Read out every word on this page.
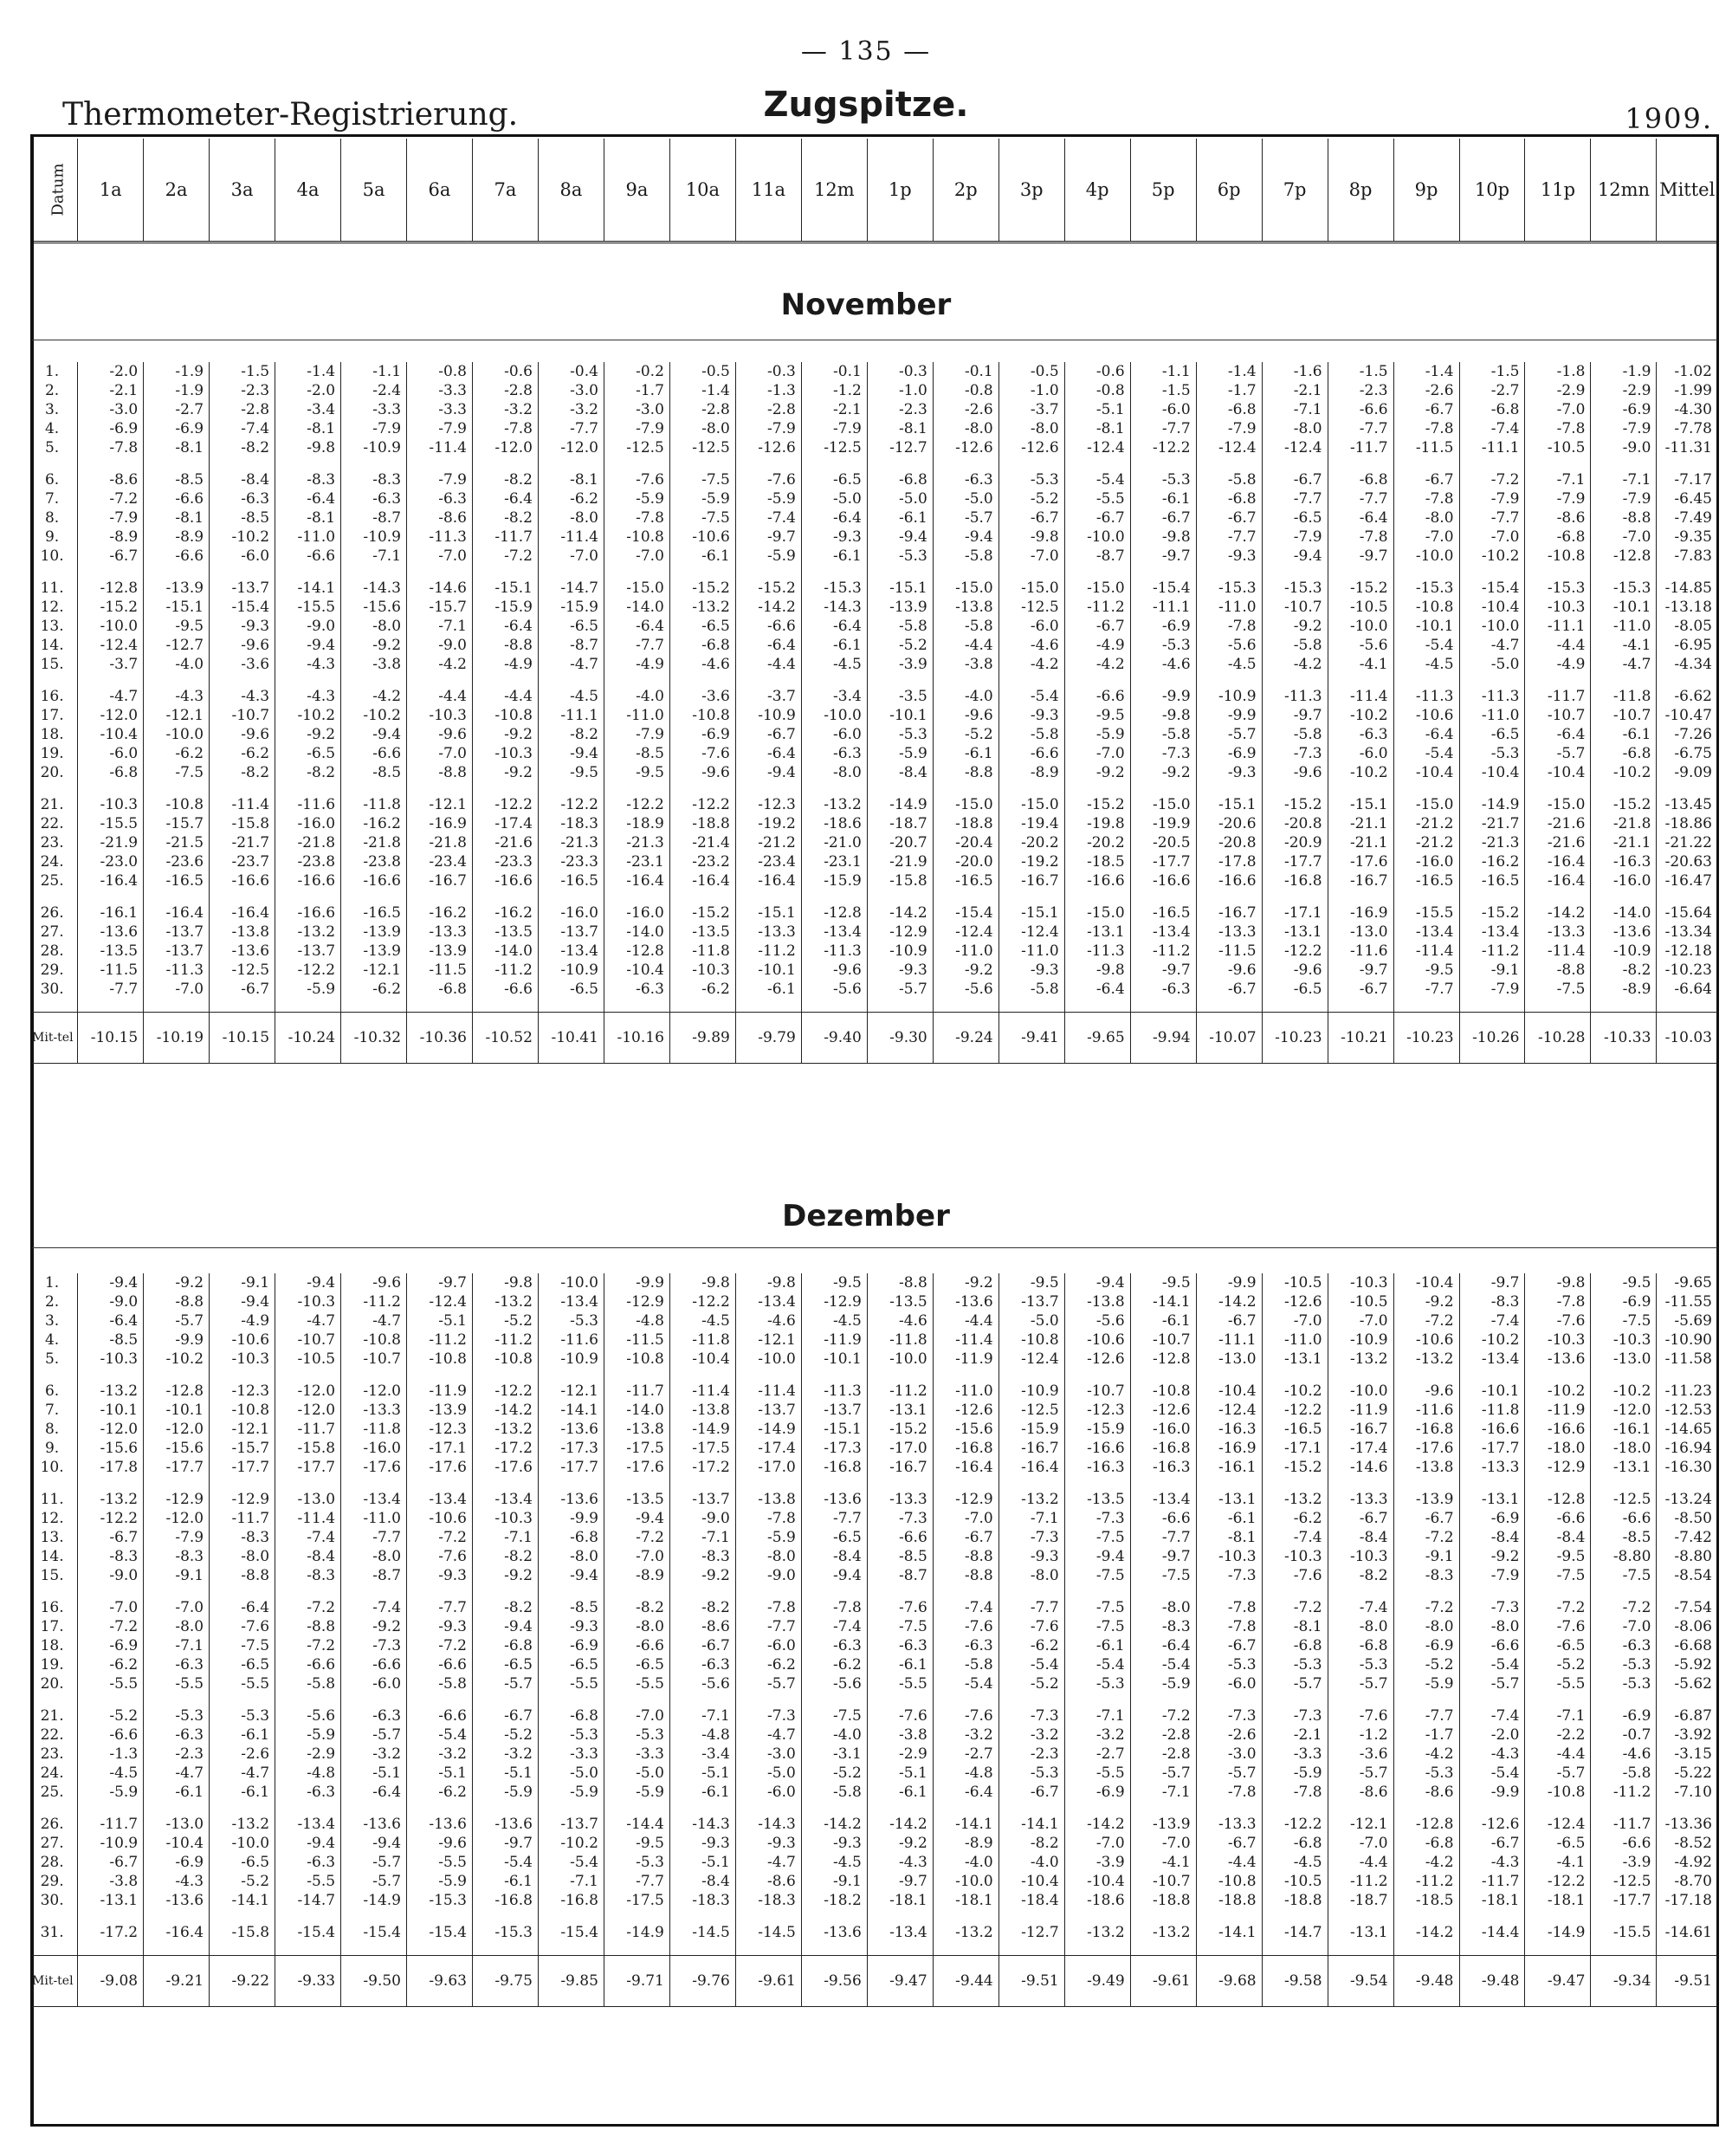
— 135 —
Thermometer-Registrierung.	Zugspitze.	1909.
Datum	1a	2a	3a	4a	5a	6a	7a	8a	9a	10a	11a	12m	1p	2p	3p	4p	5p	6p	7p	8p	9p	10p	11p	12mn	Mittel
November
1.	-2.0	-1.9	-1.5	-1.4	-1.1	-0.8	-0.6	-0.4	-0.2	-0.5	-0.3	-0.1	-0.3	-0.1	-0.5	-0.6	-1.1	-1.4	-1.6	-1.5	-1.4	-1.5	-1.8	-1.9	-1.02
2.	-2.1	-1.9	-2.3	-2.0	-2.4	-3.3	-2.8	-3.0	-1.7	-1.4	-1.3	-1.2	-1.0	-0.8	-1.0	-0.8	-1.5	-1.7	-2.1	-2.3	-2.6	-2.7	-2.9	-2.9	-1.99
3.	-3.0	-2.7	-2.8	-3.4	-3.3	-3.3	-3.2	-3.2	-3.0	-2.8	-2.8	-2.1	-2.3	-2.6	-3.7	-5.1	-6.0	-6.8	-7.1	-6.6	-6.7	-6.8	-7.0	-6.9	-4.30
4.	-6.9	-6.9	-7.4	-8.1	-7.9	-7.9	-7.8	-7.7	-7.9	-8.0	-7.9	-7.9	-8.1	-8.0	-8.0	-8.1	-7.7	-7.9	-8.0	-7.7	-7.8	-7.4	-7.8	-7.9	-7.78
5.	-7.8	-8.1	-8.2	-9.8	-10.9	-11.4	-12.0	-12.0	-12.5	-12.5	-12.6	-12.5	-12.7	-12.6	-12.6	-12.4	-12.2	-12.4	-12.4	-11.7	-11.5	-11.1	-10.5	-9.0	-11.31

6.	-8.6	-8.5	-8.4	-8.3	-8.3	-7.9	-8.2	-8.1	-7.6	-7.5	-7.6	-6.5	-6.8	-6.3	-5.3	-5.4	-5.3	-5.8	-6.7	-6.8	-6.7	-7.2	-7.1	-7.1	-7.17
7.	-7.2	-6.6	-6.3	-6.4	-6.3	-6.3	-6.4	-6.2	-5.9	-5.9	-5.9	-5.0	-5.0	-5.0	-5.2	-5.5	-6.1	-6.8	-7.7	-7.7	-7.8	-7.9	-7.9	-7.9	-6.45
8.	-7.9	-8.1	-8.5	-8.1	-8.7	-8.6	-8.2	-8.0	-7.8	-7.5	-7.4	-6.4	-6.1	-5.7	-6.7	-6.7	-6.7	-6.7	-6.5	-6.4	-8.0	-7.7	-8.6	-8.8	-7.49
9.	-8.9	-8.9	-10.2	-11.0	-10.9	-11.3	-11.7	-11.4	-10.8	-10.6	-9.7	-9.3	-9.4	-9.4	-9.8	-10.0	-9.8	-7.7	-7.9	-7.8	-7.0	-7.0	-6.8	-7.0	-9.35
10.	-6.7	-6.6	-6.0	-6.6	-7.1	-7.0	-7.2	-7.0	-7.0	-6.1	-5.9	-6.1	-5.3	-5.8	-7.0	-8.7	-9.7	-9.3	-9.4	-9.7	-10.0	-10.2	-10.8	-12.8	-7.83

11.	-12.8	-13.9	-13.7	-14.1	-14.3	-14.6	-15.1	-14.7	-15.0	-15.2	-15.2	-15.3	-15.1	-15.0	-15.0	-15.0	-15.4	-15.3	-15.3	-15.2	-15.3	-15.4	-15.3	-15.3	-14.85
12.	-15.2	-15.1	-15.4	-15.5	-15.6	-15.7	-15.9	-15.9	-14.0	-13.2	-14.2	-14.3	-13.9	-13.8	-12.5	-11.2	-11.1	-11.0	-10.7	-10.5	-10.8	-10.4	-10.3	-10.1	-13.18
13.	-10.0	-9.5	-9.3	-9.0	-8.0	-7.1	-6.4	-6.5	-6.4	-6.5	-6.6	-6.4	-5.8	-5.8	-6.0	-6.7	-6.9	-7.8	-9.2	-10.0	-10.1	-10.0	-11.1	-11.0	-8.05
14.	-12.4	-12.7	-9.6	-9.4	-9.2	-9.0	-8.8	-8.7	-7.7	-6.8	-6.4	-6.1	-5.2	-4.4	-4.6	-4.9	-5.3	-5.6	-5.8	-5.6	-5.4	-4.7	-4.4	-4.1	-6.95
15.	-3.7	-4.0	-3.6	-4.3	-3.8	-4.2	-4.9	-4.7	-4.9	-4.6	-4.4	-4.5	-3.9	-3.8	-4.2	-4.2	-4.6	-4.5	-4.2	-4.1	-4.5	-5.0	-4.9	-4.7	-4.34

16.	-4.7	-4.3	-4.3	-4.3	-4.2	-4.4	-4.4	-4.5	-4.0	-3.6	-3.7	-3.4	-3.5	-4.0	-5.4	-6.6	-9.9	-10.9	-11.3	-11.4	-11.3	-11.3	-11.7	-11.8	-6.62
17.	-12.0	-12.1	-10.7	-10.2	-10.2	-10.3	-10.8	-11.1	-11.0	-10.8	-10.9	-10.0	-10.1	-9.6	-9.3	-9.5	-9.8	-9.9	-9.7	-10.2	-10.6	-11.0	-10.7	-10.7	-10.47
18.	-10.4	-10.0	-9.6	-9.2	-9.4	-9.6	-9.2	-8.2	-7.9	-6.9	-6.7	-6.0	-5.3	-5.2	-5.8	-5.9	-5.8	-5.7	-5.8	-6.3	-6.4	-6.5	-6.4	-6.1	-7.26
19.	-6.0	-6.2	-6.2	-6.5	-6.6	-7.0	-10.3	-9.4	-8.5	-7.6	-6.4	-6.3	-5.9	-6.1	-6.6	-7.0	-7.3	-6.9	-7.3	-6.0	-5.4	-5.3	-5.7	-6.8	-6.75
20.	-6.8	-7.5	-8.2	-8.2	-8.5	-8.8	-9.2	-9.5	-9.5	-9.6	-9.4	-8.0	-8.4	-8.8	-8.9	-9.2	-9.2	-9.3	-9.6	-10.2	-10.4	-10.4	-10.4	-10.2	-9.09

21.	-10.3	-10.8	-11.4	-11.6	-11.8	-12.1	-12.2	-12.2	-12.2	-12.2	-12.3	-13.2	-14.9	-15.0	-15.0	-15.2	-15.0	-15.1	-15.2	-15.1	-15.0	-14.9	-15.0	-15.2	-13.45
22.	-15.5	-15.7	-15.8	-16.0	-16.2	-16.9	-17.4	-18.3	-18.9	-18.8	-19.2	-18.6	-18.7	-18.8	-19.4	-19.8	-19.9	-20.6	-20.8	-21.1	-21.2	-21.7	-21.6	-21.8	-18.86
23.	-21.9	-21.5	-21.7	-21.8	-21.8	-21.8	-21.6	-21.3	-21.3	-21.4	-21.2	-21.0	-20.7	-20.4	-20.2	-20.2	-20.5	-20.8	-20.9	-21.1	-21.2	-21.3	-21.6	-21.1	-21.22
24.	-23.0	-23.6	-23.7	-23.8	-23.8	-23.4	-23.3	-23.3	-23.1	-23.2	-23.4	-23.1	-21.9	-20.0	-19.2	-18.5	-17.7	-17.8	-17.7	-17.6	-16.0	-16.2	-16.4	-16.3	-20.63
25.	-16.4	-16.5	-16.6	-16.6	-16.6	-16.7	-16.6	-16.5	-16.4	-16.4	-16.4	-15.9	-15.8	-16.5	-16.7	-16.6	-16.6	-16.6	-16.8	-16.7	-16.5	-16.5	-16.4	-16.0	-16.47

26.	-16.1	-16.4	-16.4	-16.6	-16.5	-16.2	-16.2	-16.0	-16.0	-15.2	-15.1	-12.8	-14.2	-15.4	-15.1	-15.0	-16.5	-16.7	-17.1	-16.9	-15.5	-15.2	-14.2	-14.0	-15.64
27.	-13.6	-13.7	-13.8	-13.2	-13.9	-13.3	-13.5	-13.7	-14.0	-13.5	-13.3	-13.4	-12.9	-12.4	-12.4	-13.1	-13.4	-13.3	-13.1	-13.0	-13.4	-13.4	-13.3	-13.6	-13.34
28.	-13.5	-13.7	-13.6	-13.7	-13.9	-13.9	-14.0	-13.4	-12.8	-11.8	-11.2	-11.3	-10.9	-11.0	-11.0	-11.3	-11.2	-11.5	-12.2	-11.6	-11.4	-11.2	-11.4	-10.9	-12.18
29.	-11.5	-11.3	-12.5	-12.2	-12.1	-11.5	-11.2	-10.9	-10.4	-10.3	-10.1	-9.6	-9.3	-9.2	-9.3	-9.8	-9.7	-9.6	-9.6	-9.7	-9.5	-9.1	-8.8	-8.2	-10.23
30.	-7.7	-7.0	-6.7	-5.9	-6.2	-6.8	-6.6	-6.5	-6.3	-6.2	-6.1	-5.6	-5.7	-5.6	-5.8	-6.4	-6.3	-6.7	-6.5	-6.7	-7.7	-7.9	-7.5	-8.9	-6.64

Mit-tel	-10.15	-10.19	-10.15	-10.24	-10.32	-10.36	-10.52	-10.41	-10.16	-9.89	-9.79	-9.40	-9.30	-9.24	-9.41	-9.65	-9.94	-10.07	-10.23	-10.21	-10.23	-10.26	-10.28	-10.33	-10.03
Dezember
1.	-9.4	-9.2	-9.1	-9.4	-9.6	-9.7	-9.8	-10.0	-9.9	-9.8	-9.8	-9.5	-8.8	-9.2	-9.5	-9.4	-9.5	-9.9	-10.5	-10.3	-10.4	-9.7	-9.8	-9.5	-9.65
2.	-9.0	-8.8	-9.4	-10.3	-11.2	-12.4	-13.2	-13.4	-12.9	-12.2	-13.4	-12.9	-13.5	-13.6	-13.7	-13.8	-14.1	-14.2	-12.6	-10.5	-9.2	-8.3	-7.8	-6.9	-11.55
3.	-6.4	-5.7	-4.9	-4.7	-4.7	-5.1	-5.2	-5.3	-4.8	-4.5	-4.6	-4.5	-4.6	-4.4	-5.0	-5.6	-6.1	-6.7	-7.0	-7.0	-7.2	-7.4	-7.6	-7.5	-5.69
4.	-8.5	-9.9	-10.6	-10.7	-10.8	-11.2	-11.2	-11.6	-11.5	-11.8	-12.1	-11.9	-11.8	-11.4	-10.8	-10.6	-10.7	-11.1	-11.0	-10.9	-10.6	-10.2	-10.3	-10.3	-10.90
5.	-10.3	-10.2	-10.3	-10.5	-10.7	-10.8	-10.8	-10.9	-10.8	-10.4	-10.0	-10.1	-10.0	-11.9	-12.4	-12.6	-12.8	-13.0	-13.1	-13.2	-13.2	-13.4	-13.6	-13.0	-11.58

6.	-13.2	-12.8	-12.3	-12.0	-12.0	-11.9	-12.2	-12.1	-11.7	-11.4	-11.4	-11.3	-11.2	-11.0	-10.9	-10.7	-10.8	-10.4	-10.2	-10.0	-9.6	-10.1	-10.2	-10.2	-11.23
7.	-10.1	-10.1	-10.8	-12.0	-13.3	-13.9	-14.2	-14.1	-14.0	-13.8	-13.7	-13.7	-13.1	-12.6	-12.5	-12.3	-12.6	-12.4	-12.2	-11.9	-11.6	-11.8	-11.9	-12.0	-12.53
8.	-12.0	-12.0	-12.1	-11.7	-11.8	-12.3	-13.2	-13.6	-13.8	-14.9	-14.9	-15.1	-15.2	-15.6	-15.9	-15.9	-16.0	-16.3	-16.5	-16.7	-16.8	-16.6	-16.6	-16.1	-14.65
9.	-15.6	-15.6	-15.7	-15.8	-16.0	-17.1	-17.2	-17.3	-17.5	-17.5	-17.4	-17.3	-17.0	-16.8	-16.7	-16.6	-16.8	-16.9	-17.1	-17.4	-17.6	-17.7	-18.0	-18.0	-16.94
10.	-17.8	-17.7	-17.7	-17.7	-17.6	-17.6	-17.6	-17.7	-17.6	-17.2	-17.0	-16.8	-16.7	-16.4	-16.4	-16.3	-16.3	-16.1	-15.2	-14.6	-13.8	-13.3	-12.9	-13.1	-16.30

11.	-13.2	-12.9	-12.9	-13.0	-13.4	-13.4	-13.4	-13.6	-13.5	-13.7	-13.8	-13.6	-13.3	-12.9	-13.2	-13.5	-13.4	-13.1	-13.2	-13.3	-13.9	-13.1	-12.8	-12.5	-13.24
12.	-12.2	-12.0	-11.7	-11.4	-11.0	-10.6	-10.3	-9.9	-9.4	-9.0	-7.8	-7.7	-7.3	-7.0	-7.1	-7.3	-6.6	-6.1	-6.2	-6.7	-6.7	-6.9	-6.6	-6.6	-8.50
13.	-6.7	-7.9	-8.3	-7.4	-7.7	-7.2	-7.1	-6.8	-7.2	-7.1	-5.9	-6.5	-6.6	-6.7	-7.3	-7.5	-7.7	-8.1	-7.4	-8.4	-7.2	-8.4	-8.4	-8.5	-7.42
14.	-8.3	-8.3	-8.0	-8.4	-8.0	-7.6	-8.2	-8.0	-7.0	-8.3	-8.0	-8.4	-8.5	-8.8	-9.3	-9.4	-9.7	-10.3	-10.3	-10.3	-9.1	-9.2	-9.5	-8.80	-8.80
15.	-9.0	-9.1	-8.8	-8.3	-8.7	-9.3	-9.2	-9.4	-8.9	-9.2	-9.0	-9.4	-8.7	-8.8	-8.0	-7.5	-7.5	-7.3	-7.6	-8.2	-8.3	-7.9	-7.5	-7.5	-8.54

16.	-7.0	-7.0	-6.4	-7.2	-7.4	-7.7	-8.2	-8.5	-8.2	-8.2	-7.8	-7.8	-7.6	-7.4	-7.7	-7.5	-8.0	-7.8	-7.2	-7.4	-7.2	-7.3	-7.2	-7.2	-7.54
17.	-7.2	-8.0	-7.6	-8.8	-9.2	-9.3	-9.4	-9.3	-8.0	-8.6	-7.7	-7.4	-7.5	-7.6	-7.6	-7.5	-8.3	-7.8	-8.1	-8.0	-8.0	-8.0	-7.6	-7.0	-8.06
18.	-6.9	-7.1	-7.5	-7.2	-7.3	-7.2	-6.8	-6.9	-6.6	-6.7	-6.0	-6.3	-6.3	-6.3	-6.2	-6.1	-6.4	-6.7	-6.8	-6.8	-6.9	-6.6	-6.5	-6.3	-6.68
19.	-6.2	-6.3	-6.5	-6.6	-6.6	-6.6	-6.5	-6.5	-6.5	-6.3	-6.2	-6.2	-6.1	-5.8	-5.4	-5.4	-5.4	-5.3	-5.3	-5.3	-5.2	-5.4	-5.2	-5.3	-5.92
20.	-5.5	-5.5	-5.5	-5.8	-6.0	-5.8	-5.7	-5.5	-5.5	-5.6	-5.7	-5.6	-5.5	-5.4	-5.2	-5.3	-5.9	-6.0	-5.7	-5.7	-5.9	-5.7	-5.5	-5.3	-5.62

21.	-5.2	-5.3	-5.3	-5.6	-6.3	-6.6	-6.7	-6.8	-7.0	-7.1	-7.3	-7.5	-7.6	-7.6	-7.3	-7.1	-7.2	-7.3	-7.3	-7.6	-7.7	-7.4	-7.1	-6.9	-6.87
22.	-6.6	-6.3	-6.1	-5.9	-5.7	-5.4	-5.2	-5.3	-5.3	-4.8	-4.7	-4.0	-3.8	-3.2	-3.2	-3.2	-2.8	-2.6	-2.1	-1.2	-1.7	-2.0	-2.2	-0.7	-3.92
23.	-1.3	-2.3	-2.6	-2.9	-3.2	-3.2	-3.2	-3.3	-3.3	-3.4	-3.0	-3.1	-2.9	-2.7	-2.3	-2.7	-2.8	-3.0	-3.3	-3.6	-4.2	-4.3	-4.4	-4.6	-3.15
24.	-4.5	-4.7	-4.7	-4.8	-5.1	-5.1	-5.1	-5.0	-5.0	-5.1	-5.0	-5.2	-5.1	-4.8	-5.3	-5.5	-5.7	-5.7	-5.9	-5.7	-5.3	-5.4	-5.7	-5.8	-5.22
25.	-5.9	-6.1	-6.1	-6.3	-6.4	-6.2	-5.9	-5.9	-5.9	-6.1	-6.0	-5.8	-6.1	-6.4	-6.7	-6.9	-7.1	-7.8	-7.8	-8.6	-8.6	-9.9	-10.8	-11.2	-7.10

26.	-11.7	-13.0	-13.2	-13.4	-13.6	-13.6	-13.6	-13.7	-14.4	-14.3	-14.3	-14.2	-14.2	-14.1	-14.1	-14.2	-13.9	-13.3	-12.2	-12.1	-12.8	-12.6	-12.4	-11.7	-13.36
27.	-10.9	-10.4	-10.0	-9.4	-9.4	-9.6	-9.7	-10.2	-9.5	-9.3	-9.3	-9.3	-9.2	-8.9	-8.2	-7.0	-7.0	-6.7	-6.8	-7.0	-6.8	-6.7	-6.5	-6.6	-8.52
28.	-6.7	-6.9	-6.5	-6.3	-5.7	-5.5	-5.4	-5.4	-5.3	-5.1	-4.7	-4.5	-4.3	-4.0	-4.0	-3.9	-4.1	-4.4	-4.5	-4.4	-4.2	-4.3	-4.1	-3.9	-4.92
29.	-3.8	-4.3	-5.2	-5.5	-5.7	-5.9	-6.1	-7.1	-7.7	-8.4	-8.6	-9.1	-9.7	-10.0	-10.4	-10.4	-10.7	-10.8	-10.5	-11.2	-11.2	-11.7	-12.2	-12.5	-8.70
30.	-13.1	-13.6	-14.1	-14.7	-14.9	-15.3	-16.8	-16.8	-17.5	-18.3	-18.3	-18.2	-18.1	-18.1	-18.4	-18.6	-18.8	-18.8	-18.8	-18.7	-18.5	-18.1	-18.1	-17.7	-17.18

31.	-17.2	-16.4	-15.8	-15.4	-15.4	-15.4	-15.3	-15.4	-14.9	-14.5	-14.5	-13.6	-13.4	-13.2	-12.7	-13.2	-13.2	-14.1	-14.7	-13.1	-14.2	-14.4	-14.9	-15.5	-14.61

Mit-tel	-9.08	-9.21	-9.22	-9.33	-9.50	-9.63	-9.75	-9.85	-9.71	-9.76	-9.61	-9.56	-9.47	-9.44	-9.51	-9.49	-9.61	-9.68	-9.58	-9.54	-9.48	-9.48	-9.47	-9.34	-9.51
